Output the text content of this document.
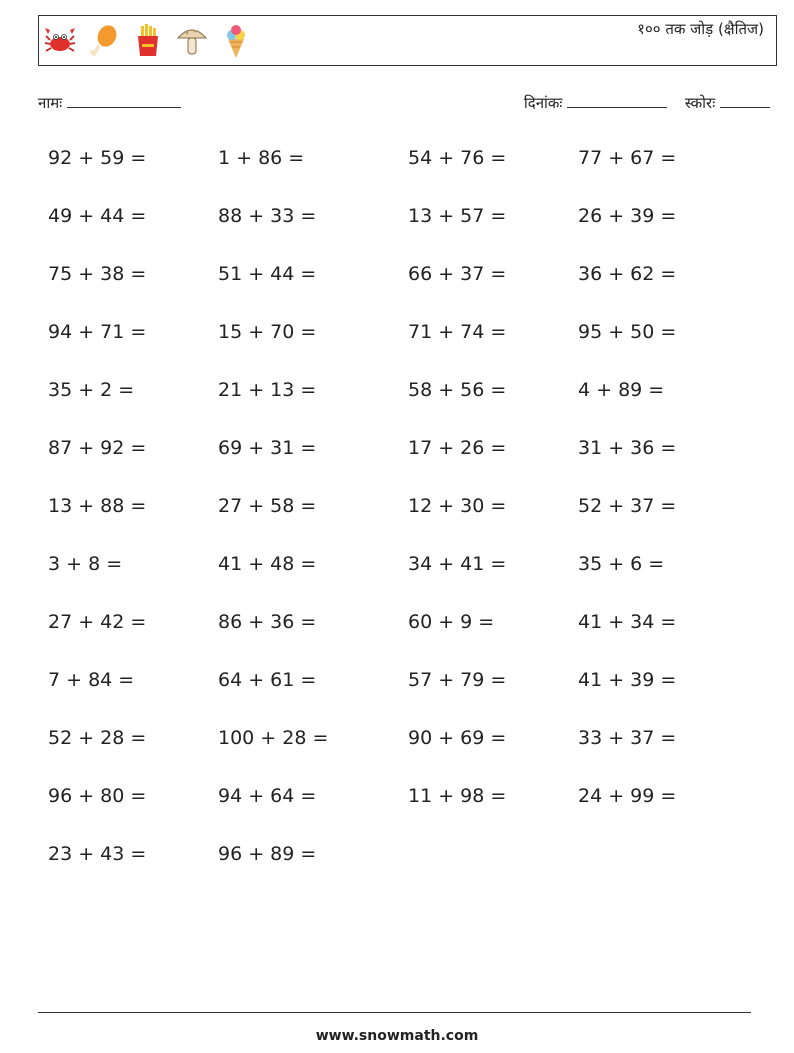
१०० तक जोड़ (क्षैतिज)
नामः	दिनांकः	स्कोरः
92 + 59 =	1 + 86 =	54 + 76 =	77 + 67 =
49 + 44 =	88 + 33 =	13 + 57 =	26 + 39 =
75 + 38 =	51 + 44 =	66 + 37 =	36 + 62 =
94 + 71 =	15 + 70 =	71 + 74 =	95 + 50 =
35 + 2 =	21 + 13 =	58 + 56 =	4 + 89 =
87 + 92 =	69 + 31 =	17 + 26 =	31 + 36 =
13 + 88 =	27 + 58 =	12 + 30 =	52 + 37 =
3 + 8 =	41 + 48 =	34 + 41 =	35 + 6 =
27 + 42 =	86 + 36 =	60 + 9 =	41 + 34 =
7 + 84 =	64 + 61 =	57 + 79 =	41 + 39 =
52 + 28 =	100 + 28 =	90 + 69 =	33 + 37 =
96 + 80 =	94 + 64 =	11 + 98 =	24 + 99 =
23 + 43 =	96 + 89 =
www.snowmath.com
